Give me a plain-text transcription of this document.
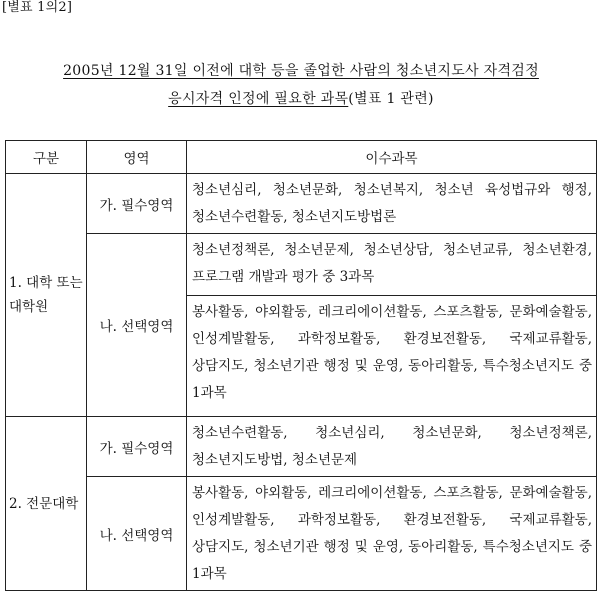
[별표 1의2]
2005년 12월 31일 이전에 대학 등을 졸업한 사람의 청소년지도사 자격검정
응시자격 인정에 필요한 과목(별표 1 관련)
구분	영역	이수과목
1. 대학 또는 대학원	가. 필수영역	청소년심리, 청소년문화, 청소년복지, 청소년 육성법규와 행정, 청소년수련활동, 청소년지도방법론
	나. 선택영역	청소년정책론, 청소년문제, 청소년상담, 청소년교류, 청소년환경, 프로그램 개발과 평가 중 3과목
		봉사활동, 야외활동, 레크리에이션활동, 스포츠활동, 문화예술활동, 인성계발활동, 과학정보활동, 환경보전활동, 국제교류활동, 상담지도, 청소년기관 행정 및 운영, 동아리활동, 특수청소년지도 중 1과목
2. 전문대학	가. 필수영역	청소년수련활동, 청소년심리, 청소년문화, 청소년정책론, 청소년지도방법, 청소년문제
	나. 선택영역	봉사활동, 야외활동, 레크리에이션활동, 스포츠활동, 문화예술활동, 인성계발활동, 과학정보활동, 환경보전활동, 국제교류활동, 상담지도, 청소년기관 행정 및 운영, 동아리활동, 특수청소년지도 중 1과목
